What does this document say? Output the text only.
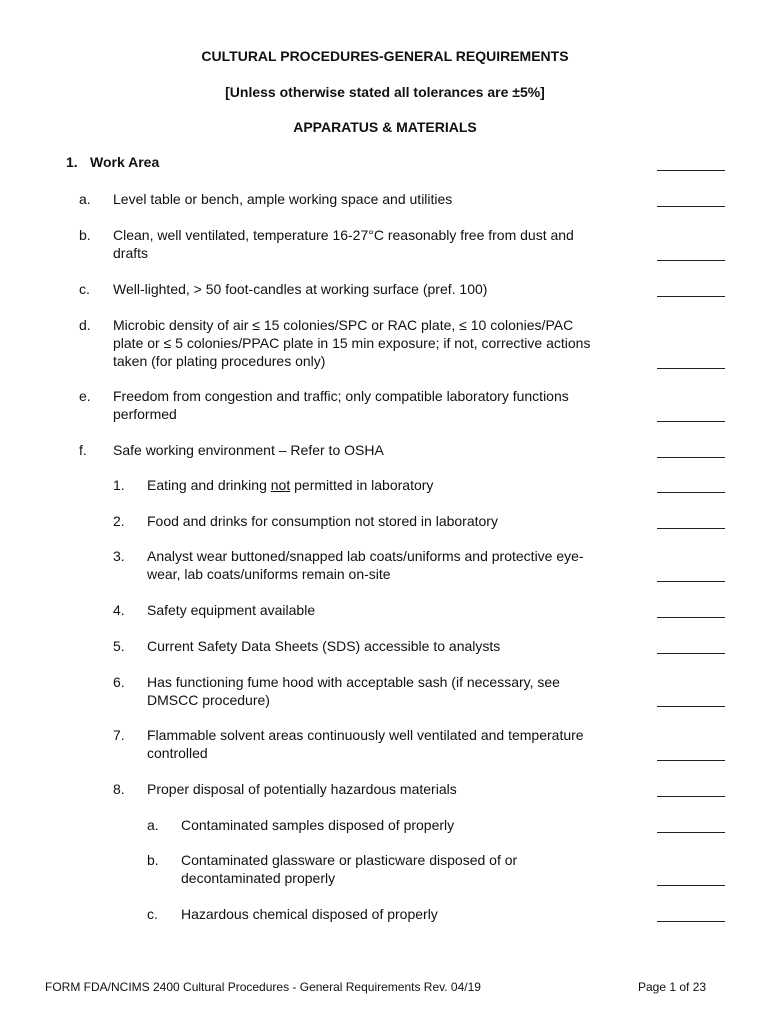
CULTURAL PROCEDURES-GENERAL REQUIREMENTS
[Unless otherwise stated all tolerances are ±5%]
APPARATUS & MATERIALS
1. Work Area
a. Level table or bench, ample working space and utilities
b. Clean, well ventilated, temperature 16-27°C reasonably free from dust and
drafts
c. Well-lighted, > 50 foot-candles at working surface (pref. 100)
d. Microbic density of air ≤ 15 colonies/SPC or RAC plate, ≤ 10 colonies/PAC
plate or ≤ 5 colonies/PPAC plate in 15 min exposure; if not, corrective actions
taken (for plating procedures only)
e. Freedom from congestion and traffic; only compatible laboratory functions
performed
f. Safe working environment – Refer to OSHA
1. Eating and drinking not permitted in laboratory
2. Food and drinks for consumption not stored in laboratory
3. Analyst wear buttoned/snapped lab coats/uniforms and protective eye-
wear, lab coats/uniforms remain on-site
4. Safety equipment available
5. Current Safety Data Sheets (SDS) accessible to analysts
6. Has functioning fume hood with acceptable sash (if necessary, see
DMSCC procedure)
7. Flammable solvent areas continuously well ventilated and temperature
controlled
8. Proper disposal of potentially hazardous materials
a. Contaminated samples disposed of properly
b. Contaminated glassware or plasticware disposed of or
decontaminated properly
c. Hazardous chemical disposed of properly
FORM FDA/NCIMS 2400 Cultural Procedures - General Requirements Rev. 04/19	Page 1 of 23
